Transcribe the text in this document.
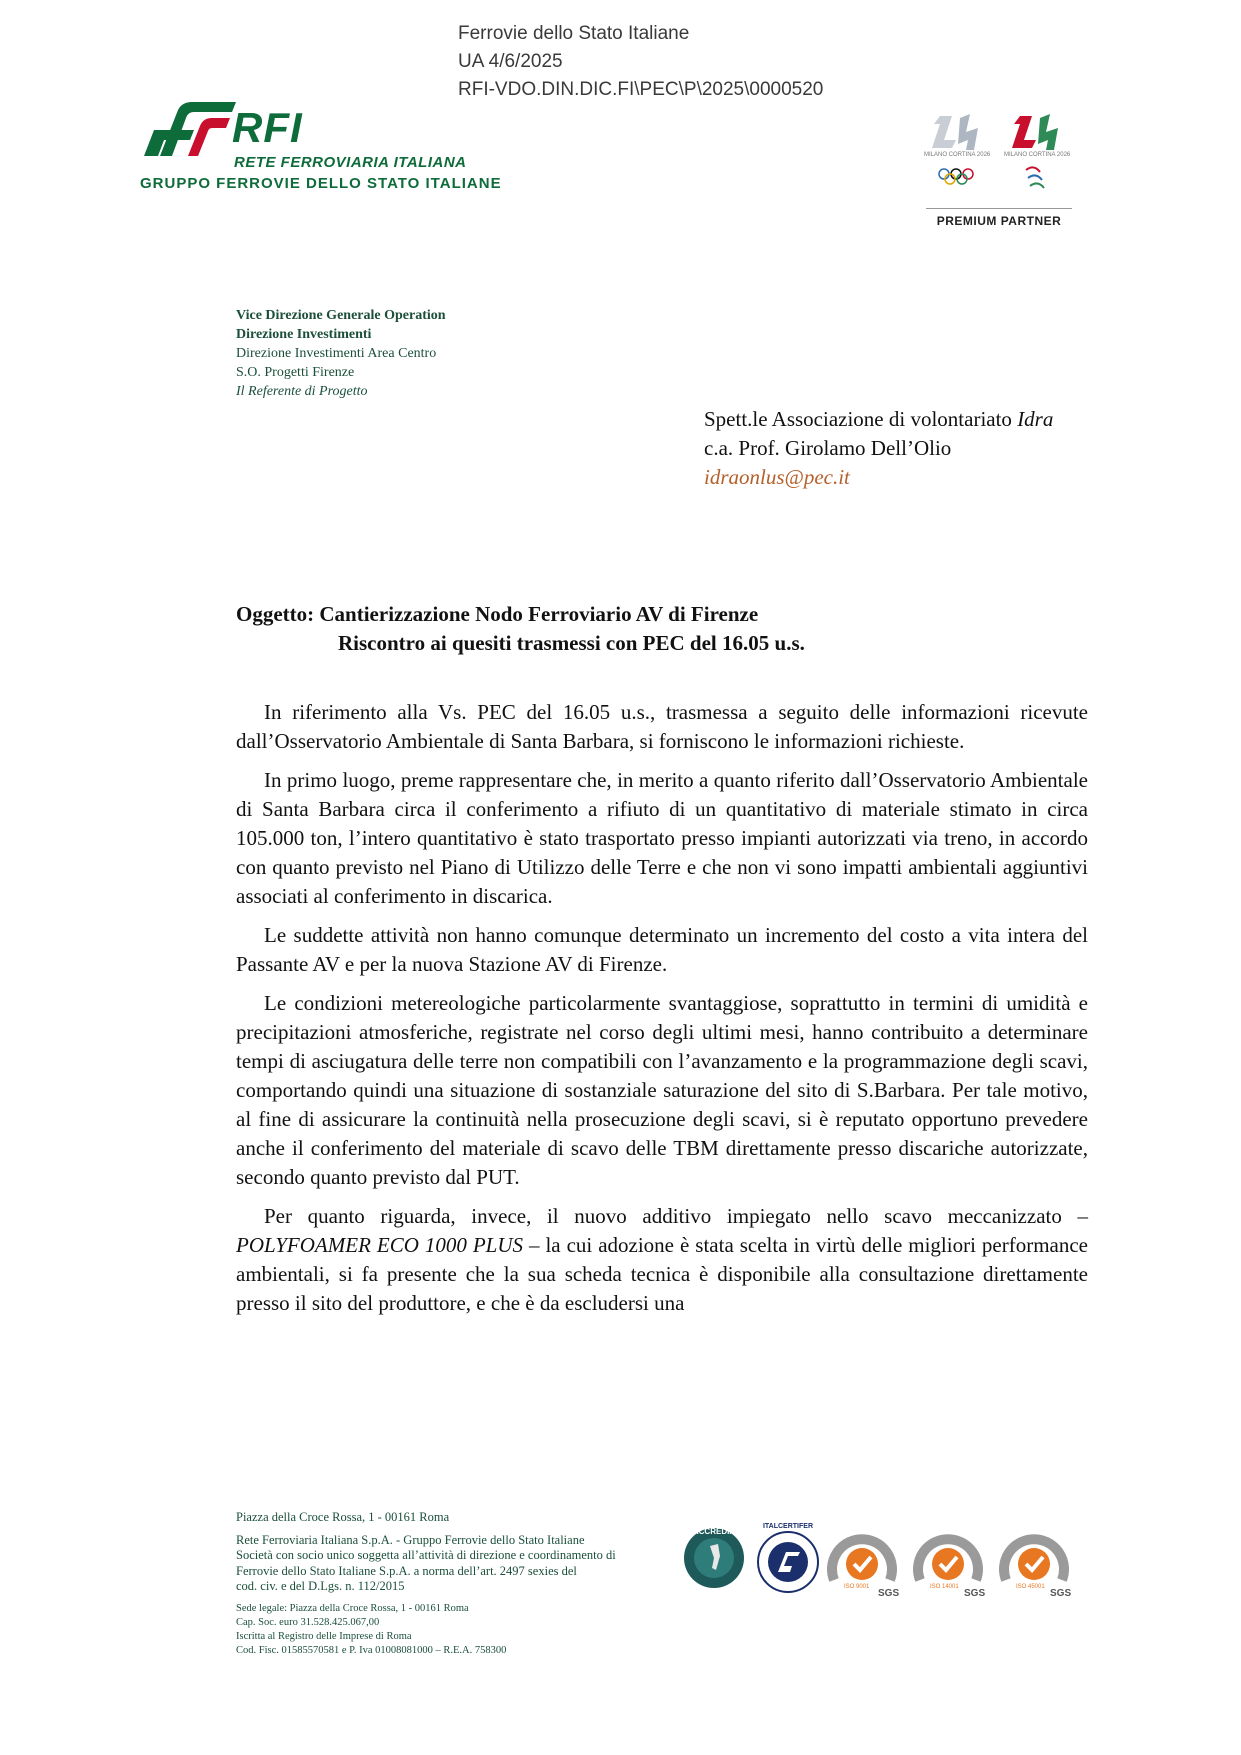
Ferrovie dello Stato Italiane
UA 4/6/2025
RFI-VDO.DIN.DIC.FI\PEC\P\2025\0000520
RFI
RETE FERROVIARIA ITALIANA
GRUPPO FERROVIE DELLO STATO ITALIANE
MILANO CORTINA 2026 MILANO CORTINA 2026
PREMIUM PARTNER
Vice Direzione Generale Operation
Direzione Investimenti
Direzione Investimenti Area Centro
S.O. Progetti Firenze
Il Referente di Progetto
Spett.le Associazione di volontariato Idra
c.a. Prof. Girolamo Dell’Olio
idraonlus@pec.it
Oggetto: Cantierizzazione Nodo Ferroviario AV di Firenze
Riscontro ai quesiti trasmessi con PEC del 16.05 u.s.

In riferimento alla Vs. PEC del 16.05 u.s., trasmessa a seguito delle informazioni ricevute dall’Osservatorio Ambientale di Santa Barbara, si forniscono le informazioni richieste.

In primo luogo, preme rappresentare che, in merito a quanto riferito dall’Osservatorio Ambientale di Santa Barbara circa il conferimento a rifiuto di un quantitativo di materiale stimato in circa 105.000 ton, l’intero quantitativo è stato trasportato presso impianti autorizzati via treno, in accordo con quanto previsto nel Piano di Utilizzo delle Terre e che non vi sono impatti ambientali aggiuntivi associati al conferimento in discarica.

Le suddette attività non hanno comunque determinato un incremento del costo a vita intera del Passante AV e per la nuova Stazione AV di Firenze.

Le condizioni metereologiche particolarmente svantaggiose, soprattutto in termini di umidità e precipitazioni atmosferiche, registrate nel corso degli ultimi mesi, hanno contribuito a determinare tempi di asciugatura delle terre non compatibili con l’avanzamento e la programmazione degli scavi, comportando quindi una situazione di sostanziale saturazione del sito di S.Barbara. Per tale motivo, al fine di assicurare la continuità nella prosecuzione degli scavi, si è reputato opportuno prevedere anche il conferimento del materiale di scavo delle TBM direttamente presso discariche autorizzate, secondo quanto previsto dal PUT.

Per quanto riguarda, invece, il nuovo additivo impiegato nello scavo meccanizzato – POLYFOAMER ECO 1000 PLUS – la cui adozione è stata scelta in virtù delle migliori performance ambientali, si fa presente che la sua scheda tecnica è disponibile alla consultazione direttamente presso il sito del produttore, e che è da escludersi una

Piazza della Croce Rossa, 1 - 00161 Roma
Rete Ferroviaria Italiana S.p.A. - Gruppo Ferrovie dello Stato Italiane
Società con socio unico soggetta all’attività di direzione e coordinamento di
Ferrovie dello Stato Italiane S.p.A. a norma dell’art. 2497 sexies del
cod. civ. e del D.Lgs. n. 112/2015
Sede legale: Piazza della Croce Rossa, 1 - 00161 Roma
Cap. Soc. euro 31.528.425.067,00
Iscritta al Registro delle Imprese di Roma
Cod. Fisc. 01585570581 e P. Iva 01008081000 – R.E.A. 758300
ACCREDIA
ITALCERTIFER
ISO 9001
SGS
ISO 14001
SGS
ISO 45001
SGS
